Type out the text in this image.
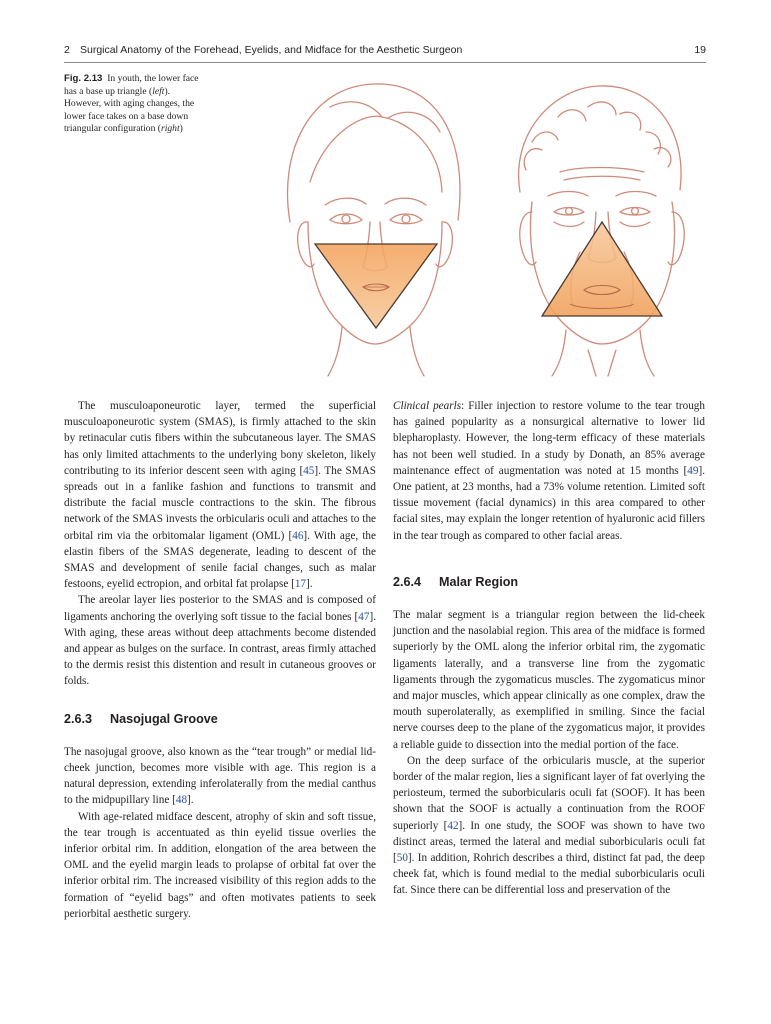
2 Surgical Anatomy of the Forehead, Eyelids, and Midface for the Aesthetic Surgeon	19
Fig. 2.13 In youth, the lower face has a base up triangle (left). However, with aging changes, the lower face takes on a base down triangular configuration (right)

The musculoaponeurotic layer, termed the superficial musculoaponeurotic system (SMAS), is firmly attached to the skin by retinacular cutis fibers within the subcutaneous layer. The SMAS has only limited attachments to the underlying bony skeleton, likely contributing to its inferior descent seen with aging [45]. The SMAS spreads out in a fanlike fashion and functions to transmit and distribute the facial muscle contractions to the skin. The fibrous network of the SMAS invests the orbicularis oculi and attaches to the orbital rim via the orbitomalar ligament (OML) [46]. With age, the elastin fibers of the SMAS degenerate, leading to descent of the SMAS and development of senile facial changes, such as malar festoons, eyelid ectropion, and orbital fat prolapse [17].

The areolar layer lies posterior to the SMAS and is composed of ligaments anchoring the overlying soft tissue to the facial bones [47]. With aging, these areas without deep attachments become distended and appear as bulges on the surface. In contrast, areas firmly attached to the dermis resist this distention and result in cutaneous grooves or folds.

2.6.3 Nasojugal Groove

The nasojugal groove, also known as the “tear trough” or medial lid-cheek junction, becomes more visible with age. This region is a natural depression, extending inferolaterally from the medial canthus to the midpupillary line [48].

With age-related midface descent, atrophy of skin and soft tissue, the tear trough is accentuated as thin eyelid tissue overlies the inferior orbital rim. In addition, elongation of the area between the OML and the eyelid margin leads to prolapse of orbital fat over the inferior orbital rim. The increased visibility of this region adds to the formation of “eyelid bags” and often motivates patients to seek periorbital aesthetic surgery.

Clinical pearls: Filler injection to restore volume to the tear trough has gained popularity as a nonsurgical alternative to lower lid blepharoplasty. However, the long-term efficacy of these materials has not been well studied. In a study by Donath, an 85% average maintenance effect of augmentation was noted at 15 months [49]. One patient, at 23 months, had a 73% volume retention. Limited soft tissue movement (facial dynamics) in this area compared to other facial sites, may explain the longer retention of hyaluronic acid fillers in the tear trough as compared to other facial areas.

2.6.4 Malar Region

The malar segment is a triangular region between the lid-cheek junction and the nasolabial region. This area of the midface is formed superiorly by the OML along the inferior orbital rim, the zygomatic ligaments laterally, and a transverse line from the zygomatic ligaments through the zygomaticus muscles. The zygomaticus minor and major muscles, which appear clinically as one complex, draw the mouth superolaterally, as exemplified in smiling. Since the facial nerve courses deep to the plane of the zygomaticus major, it provides a reliable guide to dissection into the medial portion of the face.

On the deep surface of the orbicularis muscle, at the superior border of the malar region, lies a significant layer of fat overlying the periosteum, termed the suborbicularis oculi fat (SOOF). It has been shown that the SOOF is actually a continuation from the ROOF superiorly [42]. In one study, the SOOF was shown to have two distinct areas, termed the lateral and medial suborbicularis oculi fat [50]. In addition, Rohrich describes a third, distinct fat pad, the deep cheek fat, which is found medial to the medial suborbicularis oculi fat. Since there can be differential loss and preservation of the
